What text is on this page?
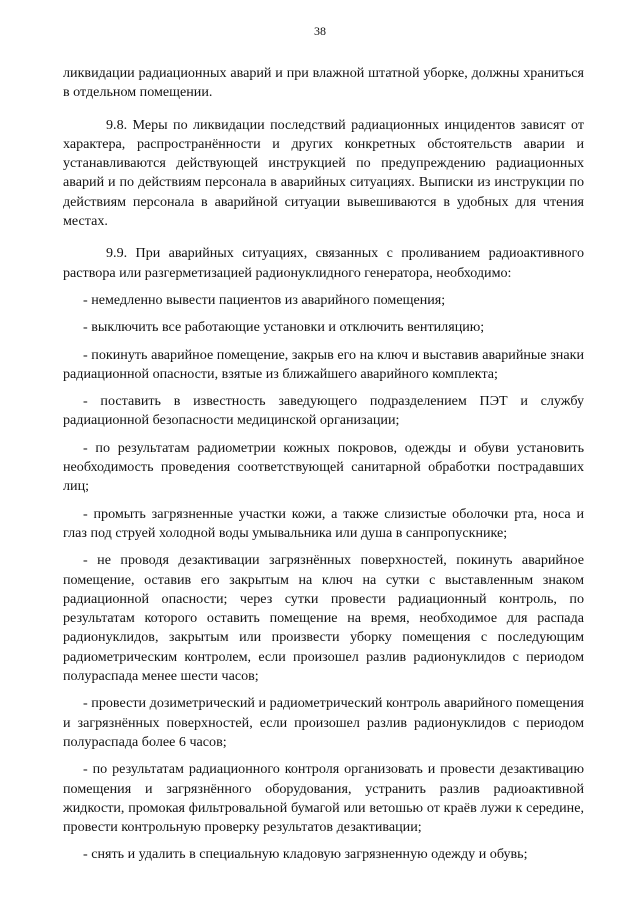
38

ликвидации радиационных аварий и при влажной штатной уборке, должны храниться в отдельном помещении.

9.8. Меры по ликвидации последствий радиационных инцидентов зависят от характера, распространённости и других конкретных обстоятельств аварии и устанавливаются действующей инструкцией по предупреждению радиационных аварий и по действиям персонала в аварийных ситуациях. Выписки из инструкции по действиям персонала в аварийной ситуации вывешиваются в удобных для чтения местах.

9.9. При аварийных ситуациях, связанных с проливанием радиоактивного раствора или разгерметизацией радионуклидного генератора, необходимо:

- немедленно вывести пациентов из аварийного помещения;

- выключить все работающие установки и отключить вентиляцию;

- покинуть аварийное помещение, закрыв его на ключ и выставив аварийные знаки радиационной опасности, взятые из ближайшего аварийного комплекта;

- поставить в известность заведующего подразделением ПЭТ и службу радиационной безопасности медицинской организации;

- по результатам радиометрии кожных покровов, одежды и обуви установить необходимость проведения соответствующей санитарной обработки пострадавших лиц;

- промыть загрязненные участки кожи, а также слизистые оболочки рта, носа и глаз под струей холодной воды умывальника или душа в санпропускнике;

- не проводя дезактивации загрязнённых поверхностей, покинуть аварийное помещение, оставив его закрытым на ключ на сутки с выставленным знаком радиационной опасности; через сутки провести радиационный контроль, по результатам которого оставить помещение на время, необходимое для распада радионуклидов, закрытым или произвести уборку помещения с последующим радиометрическим контролем, если произошел разлив радионуклидов с периодом полураспада менее шести часов;

- провести дозиметрический и радиометрический контроль аварийного помещения и загрязнённых поверхностей, если произошел разлив радионуклидов с периодом полураспада более 6 часов;

- по результатам радиационного контроля организовать и провести дезактивацию помещения и загрязнённого оборудования, устранить разлив радиоактивной жидкости, промокая фильтровальной бумагой или ветошью от краёв лужи к середине, провести контрольную проверку результатов дезактивации;

- снять и удалить в специальную кладовую загрязненную одежду и обувь;
